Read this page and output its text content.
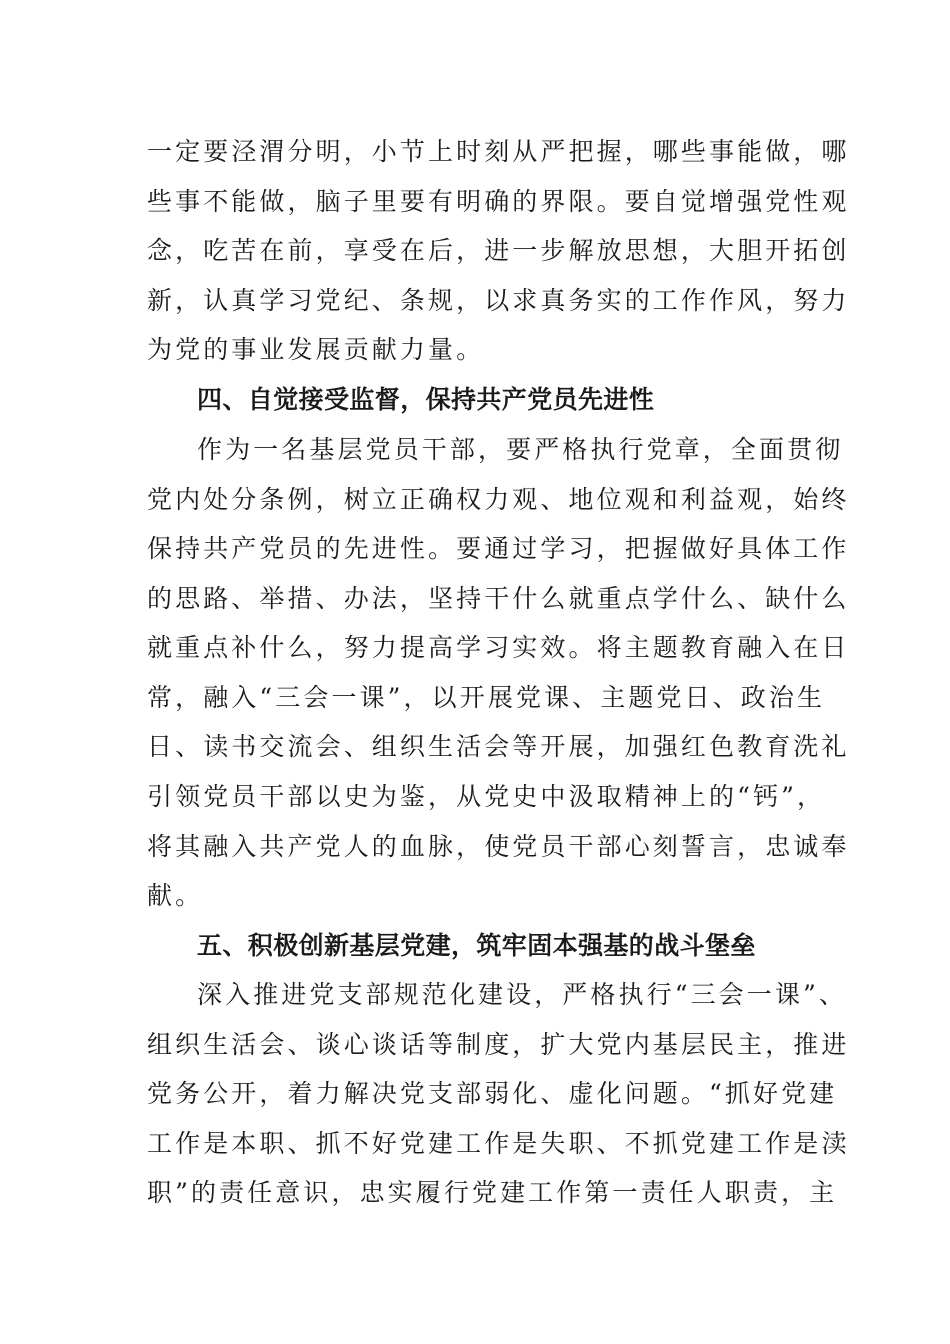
一定要泾渭分明，小节上时刻从严把握，哪些事能做，哪
些事不能做，脑子里要有明确的界限。要自觉增强党性观
念，吃苦在前，享受在后，进一步解放思想，大胆开拓创
新，认真学习党纪、条规，以求真务实的工作作风，努力
为党的事业发展贡献力量。
四、自觉接受监督，保持共产党员先进性
作为一名基层党员干部，要严格执行党章，全面贯彻
党内处分条例，树立正确权力观、地位观和利益观，始终
保持共产党员的先进性。要通过学习，把握做好具体工作
的思路、举措、办法，坚持干什么就重点学什么、缺什么
就重点补什么，努力提高学习实效。将主题教育融入在日
常，融入“三会一课”，以开展党课、主题党日、政治生
日、读书交流会、组织生活会等开展，加强红色教育洗礼
引领党员干部以史为鉴，从党史中汲取精神上的“钙”，
将其融入共产党人的血脉，使党员干部心刻誓言，忠诚奉
献。
五、积极创新基层党建，筑牢固本强基的战斗堡垒
深入推进党支部规范化建设，严格执行“三会一课”、
组织生活会、谈心谈话等制度，扩大党内基层民主，推进
党务公开，着力解决党支部弱化、虚化问题。“抓好党建
工作是本职、抓不好党建工作是失职、不抓党建工作是渎
职”的责任意识，忠实履行党建工作第一责任人职责，主
